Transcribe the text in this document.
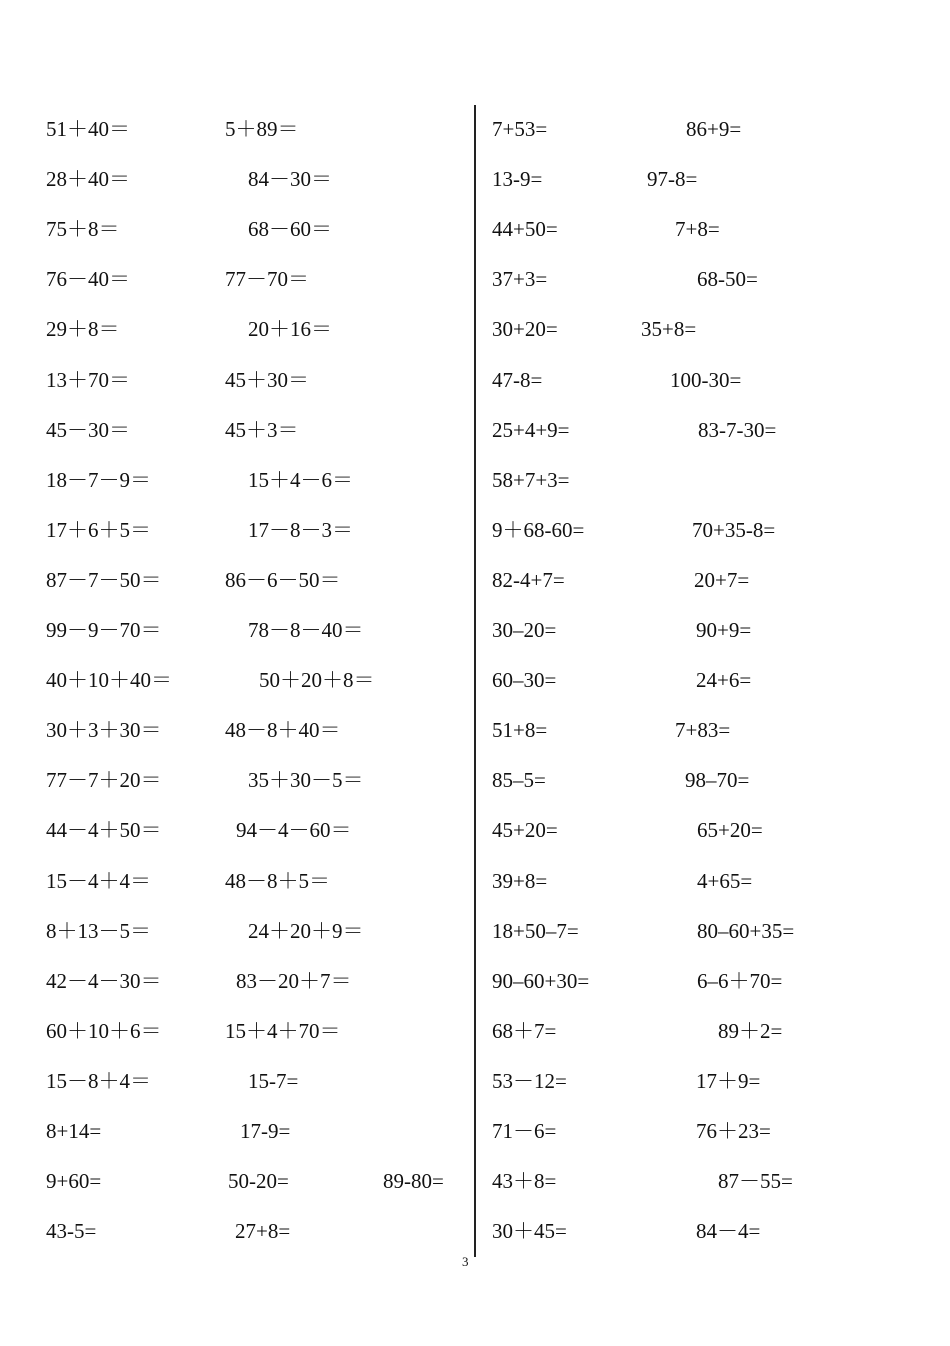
51＋40＝	5＋89＝	7+53=	86+9=
28＋40＝	84－30＝	13-9=	97-8=
75＋8＝	68－60＝	44+50=	7+8=
76－40＝	77－70＝	37+3=	68-50=
29＋8＝	20＋16＝	30+20=	35+8=
13＋70＝	45＋30＝	47-8=	100-30=
45－30＝	45＋3＝	25+4+9=	83-7-30=
18－7－9＝	15＋4－6＝	58+7+3=
17＋6＋5＝	17－8－3＝	9＋68-60=	70+35-8=
87－7－50＝	86－6－50＝	82-4+7=	20+7=
99－9－70＝	78－8－40＝	30–20=	90+9=
40＋10＋40＝	50＋20＋8＝	60–30=	24+6=
30＋3＋30＝	48－8＋40＝	51+8=	7+83=
77－7＋20＝	35＋30－5＝	85–5=	98–70=
44－4＋50＝	94－4－60＝	45+20=	65+20=
15－4＋4＝	48－8＋5＝	39+8=	4+65=
8＋13－5＝	24＋20＋9＝	18+50–7=	80–60+35=
42－4－30＝	83－20＋7＝	90–60+30=	6–6＋70=
60＋10＋6＝	15＋4＋70＝	68＋7=	89＋2=
15－8＋4＝	15-7=	53－12=	17＋9=
8+14=	17-9=	71－6=	76＋23=
9+60=	50-20=	89-80= 43＋8=	87－55=
43-5=	27+8=	30＋45=	84－4=
3
